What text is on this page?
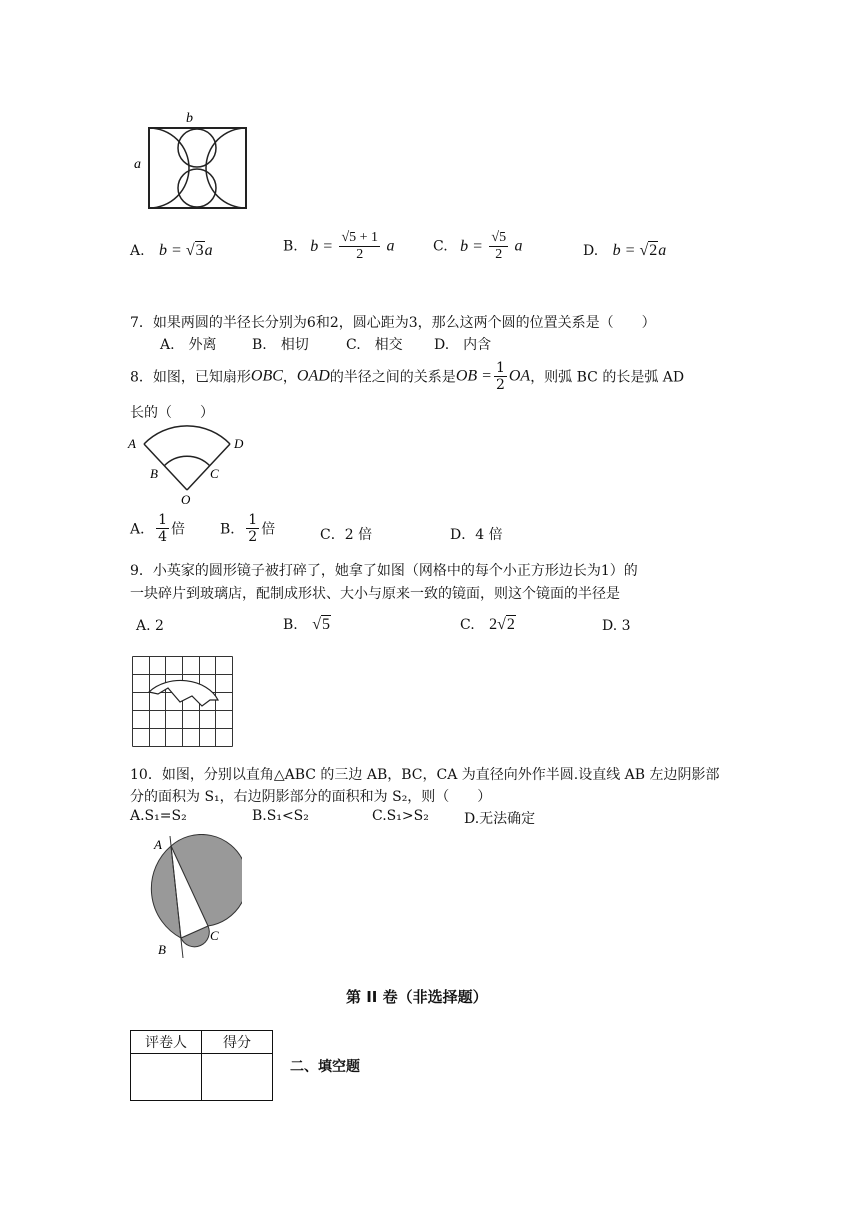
b
a
A. b = √3a	B. $b = \frac{√5 + 1}{2}$ a	C. $b = \frac{√5}{2}$ a	D. b = √2a
7．如果两圆的半径长分别为6和2，圆心距为3，那么这两个圆的位置关系是（　　）
A.　外离	B.　相切	C.　相交 D.　内含
8．如图，已知扇形OBC，OAD的半径之间的关系是OB = $\frac{1}{2}$ OA，则弧 BC 的长是弧 AD
长的（　　）
A	D
B	C
O
A． $\frac{1}{4}$ 倍 B． $\frac{1}{2}$ 倍	C．2 倍	D．4 倍
9．小英家的圆形镜子被打碎了，她拿了如图（网格中的每个小正方形边长为1）的
一块碎片到玻璃店，配制成形状、大小与原来一致的镜面，则这个镜面的半径是
A. 2	B. √5	C. 2√2	D. 3
10．如图，分别以直角△ABC 的三边 AB，BC，CA 为直径向外作半圆.设直线 AB 左边阴影部
分的面积为 S₁，右边阴影部分的面积和为 S₂，则（　　）
A.S₁=S₂	B.S₁<S₂	C.S₁>S₂	D.无法确定
A
B
C
第 II 卷（非选择题）
评卷人	得分

二、填空题
